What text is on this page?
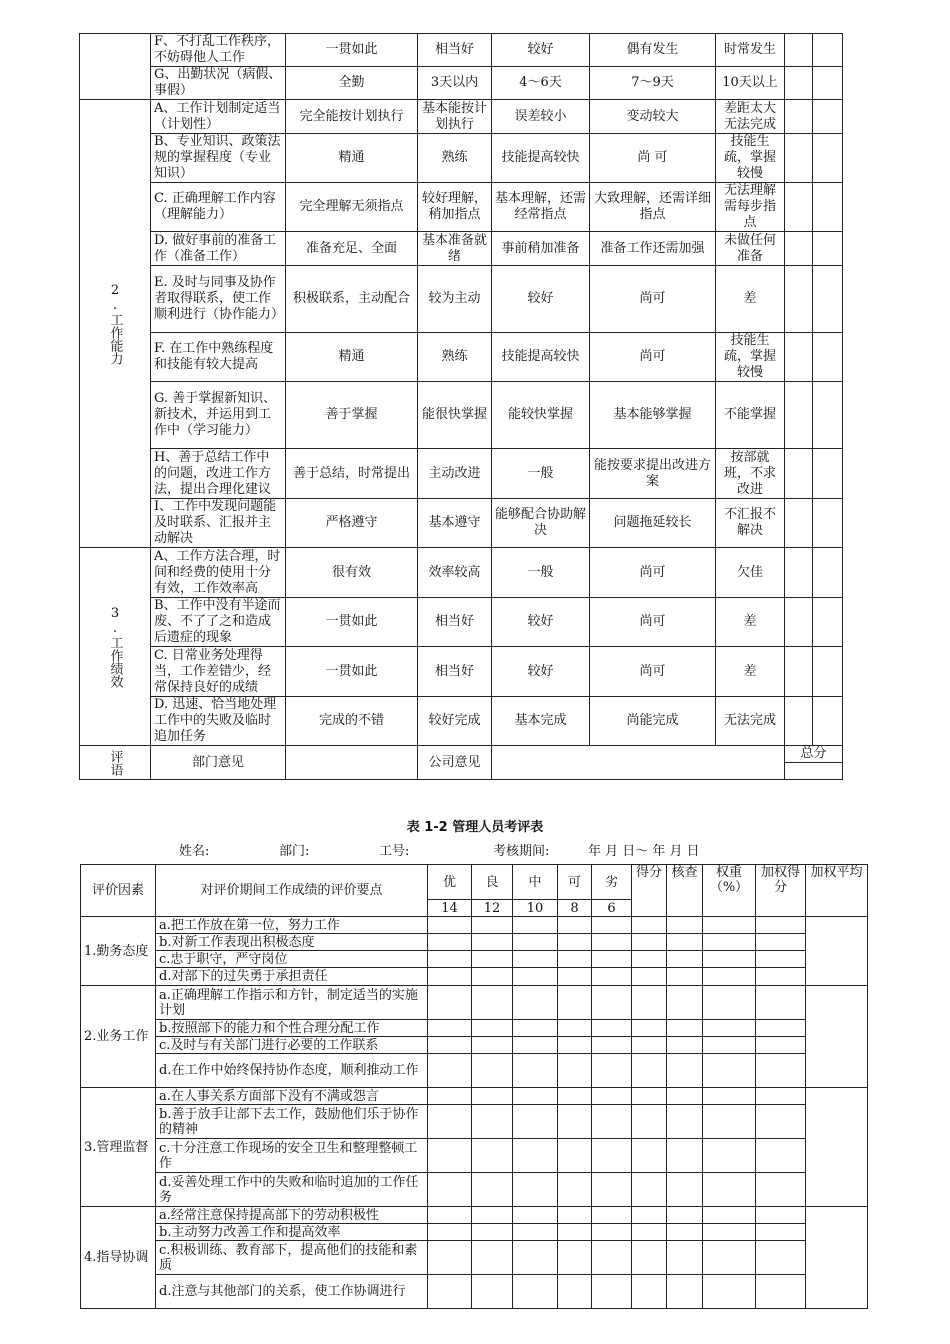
	F、不打乱工作秩序，不妨碍他人工作	一贯如此	相当好	较好	偶有发生	时常发生		
	G、出勤状况（病假、事假）	全勤	3天以内	4～6天	7～9天	10天以上		
2.工作能力	A、工作计划制定适当（计划性）	完全能按计划执行	基本能按计划执行	误差较小	变动较大	差距太大无法完成		
	B、专业知识、政策法规的掌握程度（专业知识）	精通	熟练	技能提高较快	尚 可	技能生疏，掌握较慢		
	C. 正确理解工作内容（理解能力）	完全理解无须指点	较好理解，稍加指点	基本理解，还需经常指点	大致理解，还需详细指点	无法理解需每步指点		
	D. 做好事前的准备工作（准备工作）	准备充足、全面	基本准备就绪	事前稍加准备	准备工作还需加强	未做任何准备		
	E. 及时与同事及协作者取得联系，使工作顺利进行（协作能力）	积极联系，主动配合	较为主动	较好	尚可	差		
	F. 在工作中熟练程度和技能有较大提高	精通	熟练	技能提高较快	尚可	技能生疏，掌握较慢		
	G. 善于掌握新知识、新技术，并运用到工作中（学习能力）	善于掌握	能很快掌握	能较快掌握	基本能够掌握	不能掌握		
	H、善于总结工作中的问题，改进工作方法，提出合理化建议	善于总结，时常提出	主动改进	一般	能按要求提出改进方案	按部就班，不求改进		
	I、工作中发现问题能及时联系、汇报并主动解决	严格遵守	基本遵守	能够配合协助解决	问题拖延较长	不汇报不解决		
3.工作绩效	A、工作方法合理，时间和经费的使用十分有效，工作效率高	很有效	效率较高	一般	尚可	欠佳		
	B、工作中没有半途而废、不了了之和造成后遗症的现象	一贯如此	相当好	较好	尚可	差		
	C. 日常业务处理得当，工作差错少，经常保持良好的成绩	一贯如此	相当好	较好	尚可	差		
	D. 迅速、恰当地处理工作中的失败及临时追加任务	完成的不错	较好完成	基本完成	尚能完成	无法完成		
评语	部门意见		公司意见				总分	
表 1-2 管理人员考评表
姓名:	部门:	工号:	考核期间:	年 月 日～ 年 月 日
评价因素	对评价期间工作成绩的评价要点	优	良	中	可	劣	得分	核查	权重（%）	加权得分	加权平均
		14	12	10	8	6					
1.勤务态度	a.把工作放在第一位，努力工作										
	b.对新工作表现出积极态度										
	c.忠于职守，严守岗位										
	d.对部下的过失勇于承担责任										
2.业务工作	a.正确理解工作指示和方针，制定适当的实施计划										
	b.按照部下的能力和个性合理分配工作										
	c.及时与有关部门进行必要的工作联系										
	d.在工作中始终保持协作态度，顺利推动工作										
3.管理监督	a.在人事关系方面部下没有不满或怨言										
	b.善于放手让部下去工作，鼓励他们乐于协作的精神										
	c.十分注意工作现场的安全卫生和整理整顿工作										
	d.妥善处理工作中的失败和临时追加的工作任务										
4.指导协调	a.经常注意保持提高部下的劳动积极性										
	b.主动努力改善工作和提高效率										
	c.积极训练、教育部下，提高他们的技能和素质										
	d.注意与其他部门的关系，使工作协调进行										
